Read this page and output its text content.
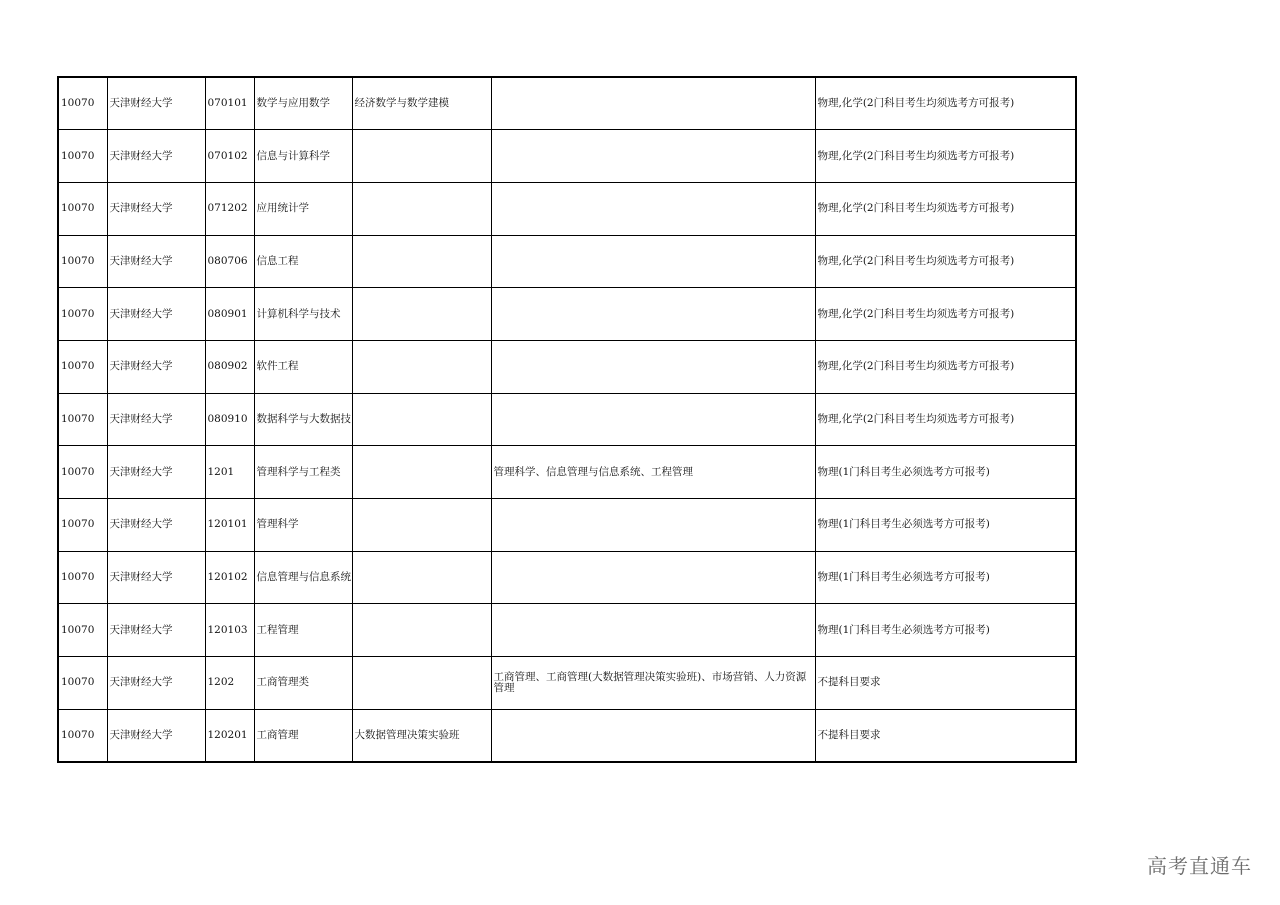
10070	天津财经大学	070101	数学与应用数学	经济数学与数学建模		物理,化学(2门科目考生均须选考方可报考)
10070	天津财经大学	070102	信息与计算科学			物理,化学(2门科目考生均须选考方可报考)
10070	天津财经大学	071202	应用统计学			物理,化学(2门科目考生均须选考方可报考)
10070	天津财经大学	080706	信息工程			物理,化学(2门科目考生均须选考方可报考)
10070	天津财经大学	080901	计算机科学与技术			物理,化学(2门科目考生均须选考方可报考)
10070	天津财经大学	080902	软件工程			物理,化学(2门科目考生均须选考方可报考)
10070	天津财经大学	080910	数据科学与大数据技			物理,化学(2门科目考生均须选考方可报考)
10070	天津财经大学	1201	管理科学与工程类		管理科学、信息管理与信息系统、工程管理	物理(1门科目考生必须选考方可报考)
10070	天津财经大学	120101	管理科学			物理(1门科目考生必须选考方可报考)
10070	天津财经大学	120102	信息管理与信息系统			物理(1门科目考生必须选考方可报考)
10070	天津财经大学	120103	工程管理			物理(1门科目考生必须选考方可报考)
10070	天津财经大学	1202	工商管理类		工商管理、工商管理(大数据管理决策实验班)、市场营销、人力资源管理	不提科目要求
10070	天津财经大学	120201	工商管理	大数据管理决策实验班		不提科目要求
高考直通车
